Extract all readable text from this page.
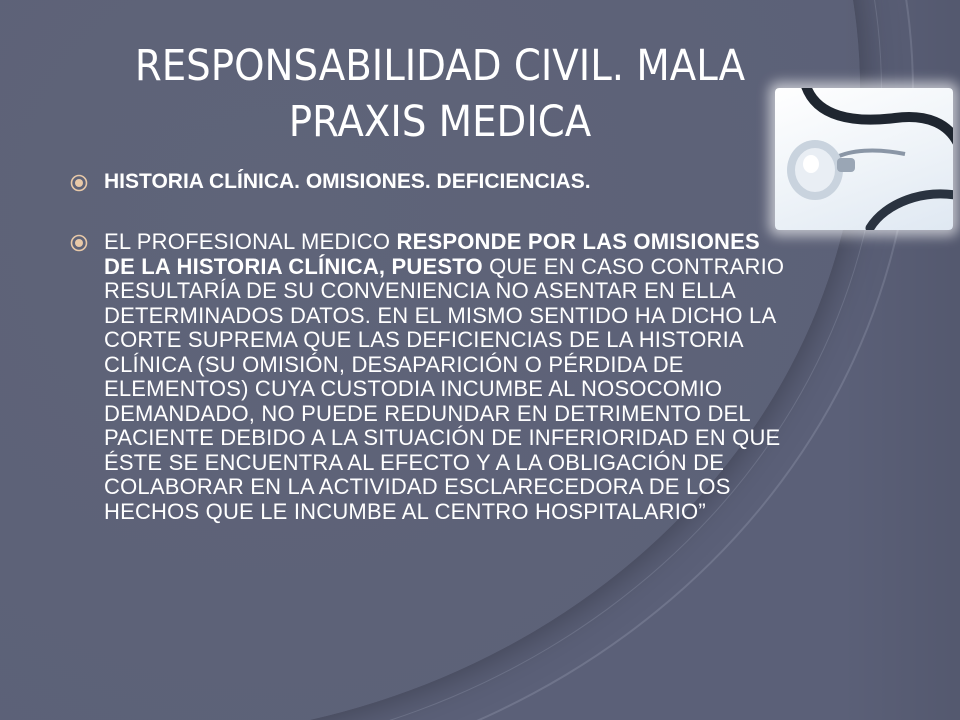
RESPONSABILIDAD CIVIL. MALA PRAXIS MEDICA
HISTORIA CLÍNICA. OMISIONES. DEFICIENCIAS.
EL PROFESIONAL MEDICO RESPONDE POR LAS OMISIONES DE LA HISTORIA CLÍNICA, PUESTO QUE EN CASO CONTRARIO RESULTARÍA DE SU CONVENIENCIA NO ASENTAR EN ELLA DETERMINADOS DATOS. EN EL MISMO SENTIDO HA DICHO LA CORTE SUPREMA QUE LAS DEFICIENCIAS DE LA HISTORIA CLÍNICA (SU OMISIÓN, DESAPARICIÓN O PÉRDIDA DE ELEMENTOS) CUYA CUSTODIA INCUMBE AL NOSOCOMIO DEMANDADO, NO PUEDE REDUNDAR EN DETRIMENTO DEL PACIENTE DEBIDO A LA SITUACIÓN DE INFERIORIDAD EN QUE ÉSTE SE ENCUENTRA AL EFECTO Y A LA OBLIGACIÓN DE COLABORAR EN LA ACTIVIDAD ESCLARECEDORA DE LOS HECHOS QUE LE INCUMBE AL CENTRO HOSPITALARIO”
